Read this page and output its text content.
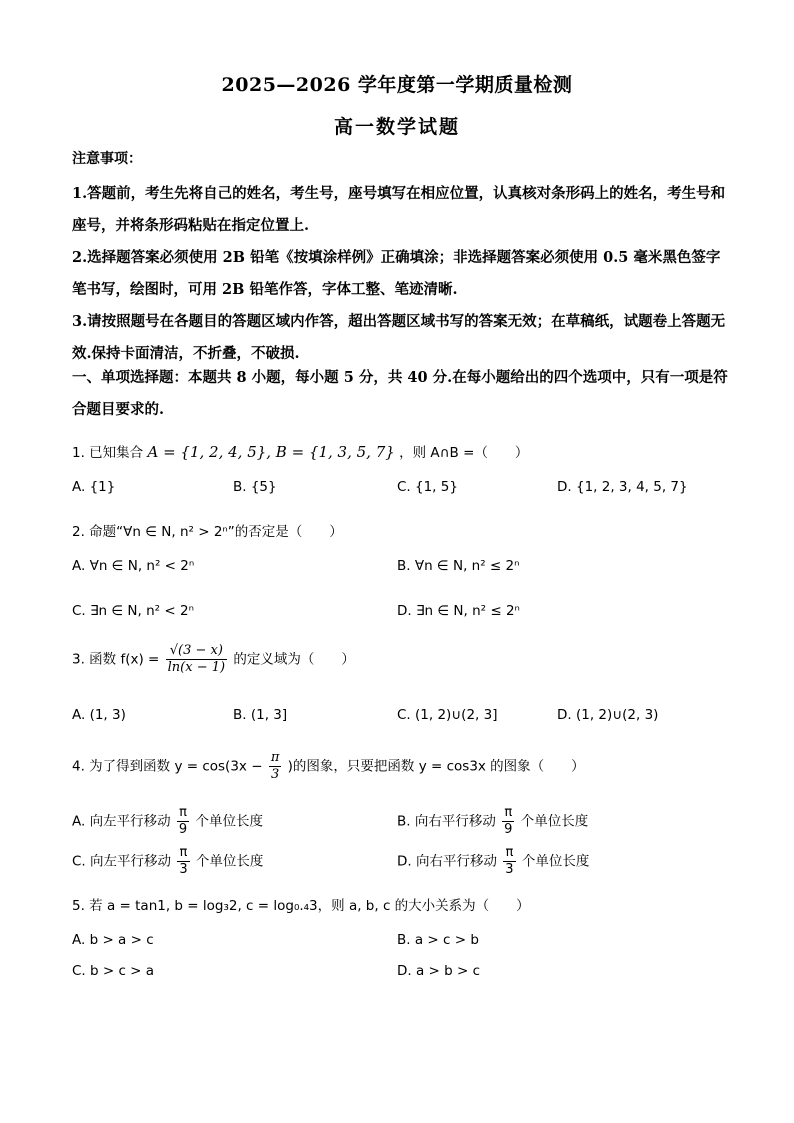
2025—2026 学年度第一学期质量检测
高一数学试题
注意事项：
1.答题前，考生先将自己的姓名，考生号，座号填写在相应位置，认真核对条形码上的姓名，考生号和座号，并将条形码粘贴在指定位置上.
2.选择题答案必须使用 2B 铅笔《按填涂样例》正确填涂；非选择题答案必须使用 0.5 毫米黑色签字笔书写，绘图时，可用 2B 铅笔作答，字体工整、笔迹清晰.
3.请按照题号在各题目的答题区域内作答，超出答题区域书写的答案无效；在草稿纸，试题卷上答题无效.保持卡面清洁，不折叠，不破损.
一、单项选择题：本题共 8 小题，每小题 5 分，共 40 分.在每小题给出的四个选项中，只有一项是符合题目要求的.
1. 已知集合 A = {1, 2, 4, 5}, B = {1, 3, 5, 7} ，则 A∩B =（　　）
A. {1}	B. {5}	C. {1, 5}	D. {1, 2, 3, 4, 5, 7}
2. 命题“∀n ∈ N, n² > 2ⁿ”的否定是（　　）
A. ∀n ∈ N, n² < 2ⁿ	B. ∀n ∈ N, n² ≤ 2ⁿ
C. ∃n ∈ N, n² < 2ⁿ	D. ∃n ∈ N, n² ≤ 2ⁿ
3. 函数 $f(x) = \frac{√(3 - x)}{\ln(x - 1)}$ 的定义域为（　　）
A. (1, 3)	B. (1, 3]	C. (1, 2)∪(2, 3]	D. (1, 2)∪(2, 3)
4. 为了得到函数 $y = \cos(3x - \frac{\pi}{3}$ )的图象，只要把函数 y = cos3x 的图象（　　）
A. 向左平行移动 $\frac{\pi}{9}$ 个单位长度	B. 向右平行移动 $\frac{\pi}{9}$ 个单位长度
C. 向左平行移动 $\frac{\pi}{3}$ 个单位长度	D. 向右平行移动 $\frac{\pi}{3}$ 个单位长度
5. 若 a = tan1, b = log₃2, c = log₀.₄3，则 a, b, c 的大小关系为（　　）
A. b > a > c	B. a > c > b
C. b > c > a	D. a > b > c
